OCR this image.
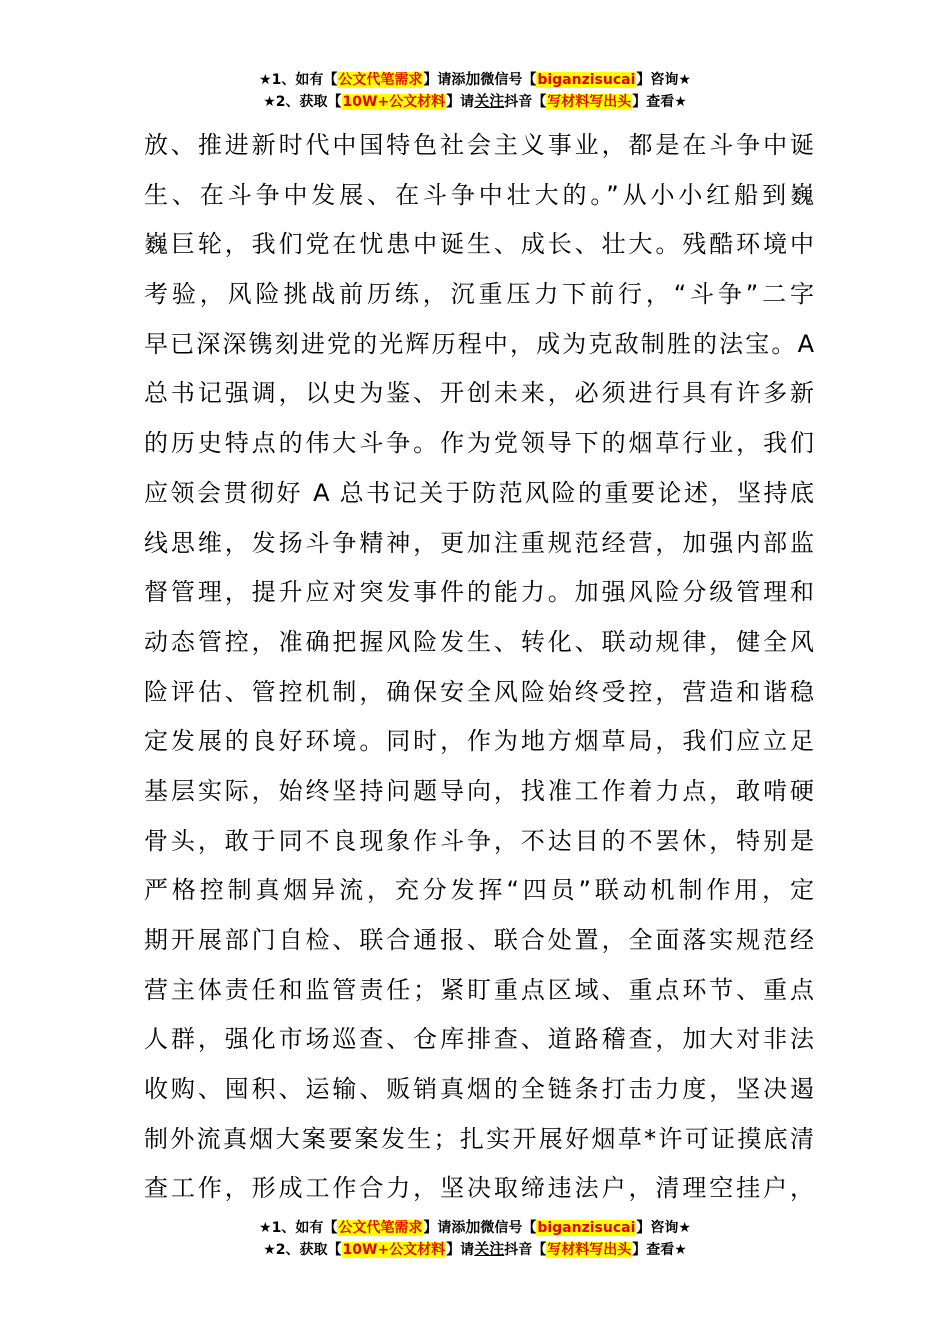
★1、如有【公文代笔需求】请添加微信号【biganzisucai】咨询★
★2、获取【10W+公文材料】请关注抖音【写材料写出头】查看★
放、推进新时代中国特色社会主义事业，都是在斗争中诞
生、在斗争中发展、在斗争中壮大的。”从小小红船到巍
巍巨轮，我们党在忧患中诞生、成长、壮大。残酷环境中
考验，风险挑战前历练，沉重压力下前行，“斗争”二字
早已深深镌刻进党的光辉历程中，成为克敌制胜的法宝。A
总书记强调，以史为鉴、开创未来，必须进行具有许多新
的历史特点的伟大斗争。作为党领导下的烟草行业，我们
应领会贯彻好 A 总书记关于防范风险的重要论述，坚持底
线思维，发扬斗争精神，更加注重规范经营，加强内部监
督管理，提升应对突发事件的能力。加强风险分级管理和
动态管控，准确把握风险发生、转化、联动规律，健全风
险评估、管控机制，确保安全风险始终受控，营造和谐稳
定发展的良好环境。同时，作为地方烟草局，我们应立足
基层实际，始终坚持问题导向，找准工作着力点，敢啃硬
骨头，敢于同不良现象作斗争，不达目的不罢休，特别是
严格控制真烟异流，充分发挥“四员”联动机制作用，定
期开展部门自检、联合通报、联合处置，全面落实规范经
营主体责任和监管责任；紧盯重点区域、重点环节、重点
人群，强化市场巡查、仓库排查、道路稽查，加大对非法
收购、囤积、运输、贩销真烟的全链条打击力度，坚决遏
制外流真烟大案要案发生；扎实开展好烟草*许可证摸底清
查工作，形成工作合力，坚决取缔违法户，清理空挂户，
★1、如有【公文代笔需求】请添加微信号【biganzisucai】咨询★
★2、获取【10W+公文材料】请关注抖音【写材料写出头】查看★
